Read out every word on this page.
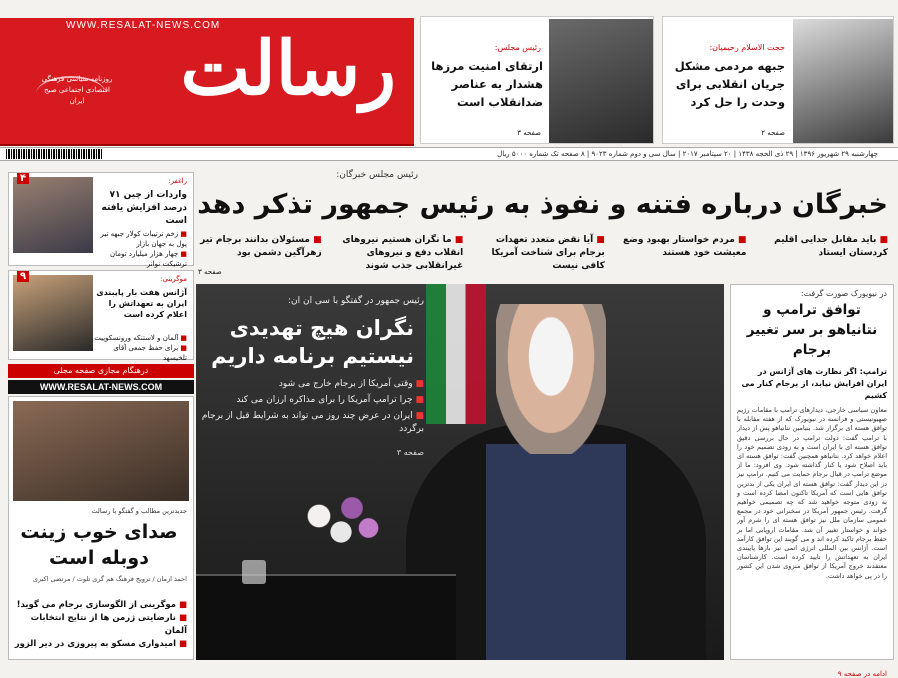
WWW.RESALAT-NEWS.COM
رسالت
روزنامه سیاسی فرهنگی اقتصادی اجتماعی صبح ایران
رئیس مجلس:
ارتقای امنیت مرزها هشدار به عناصر ضدانقلاب است
صفحه ۳
حجت الاسلام رحیمیان:
جبهه مردمی مشکل جریان انقلابی برای وحدت را حل کرد
صفحه ۲
چهارشنبه ۲۹ شهریور ۱۳۹۶ | ۲۹ ذی الحجه ۱۴۳۸ | ۲۰ سپتامبر ۲۰۱۷ | سال سی و دوم شماره ۹۰۲۳ | ۸ صفحه تک شماره ۵۰۰۰ ریال
رئیس مجلس خبرگان:
خبرگان درباره فتنه و نفوذ به رئیس جمهور تذکر دهد
■ باید مقابل جدایی اقلیم کردستان ایستاد
■ مردم خواستار بهبود وضع معیشت خود هستند
■ آیا نقض متعدد تعهدات برجام برای شناخت آمریکا کافی نیست
■ ما نگران هستیم نیروهای انقلاب دفع و نیروهای غیرانقلابی جذب شوند
■ مسئولان بدانند برجام تیر زهرآگین دشمن بود
صفحه ۳
رئیس جمهور در گفتگو با سی ان ان:
نگران هیچ تهدیدی نیستیم برنامه داریم
■ وقتی آمریکا از برجام خارج می شود
■ چرا ترامپ آمریکا را برای مذاکره ارزان می کند
■ ایران در عرض چند روز می تواند به شرایط قبل از برجام برگردد
صفحه ۳
در نیویورک صورت گرفت:
توافق ترامپ و نتانیاهو بر سر تغییر برجام
ترامپ: اگر نظارت های آژانس در ایران افزایش نیابد، از برجام کنار می کشیم
معاون سیاسی خارجی، دیدارهای ترامپ با مقامات رژیم صهیونیستی و فرانسه در نیویورک که از هفته مقابله با توافق هسته ای برگزار شد. بنیامین نتانیاهو پس از دیدار با ترامپ گفت: دولت ترامپ در حال بررسی دقیق توافق هسته ای با ایران است و به زودی تصمیم خود را اعلام خواهد کرد. نتانیاهو همچنین گفت: توافق هسته ای باید اصلاح شود یا کنار گذاشته شود. وی افزود: ما از موضع ترامپ در قبال برجام حمایت می کنیم. ترامپ نیز در این دیدار گفت: توافق هسته ای ایران یکی از بدترین توافق هایی است که آمریکا تاکنون امضا کرده است و به زودی متوجه خواهید شد که چه تصمیمی خواهیم گرفت. رئیس جمهور آمریکا در سخنرانی خود در مجمع عمومی سازمان ملل نیز توافق هسته ای را شرم آور خواند و خواستار تغییر آن شد. مقامات اروپایی اما بر حفظ برجام تاکید کرده اند و می گویند این توافق کارآمد است. آژانس بین المللی انرژی اتمی نیز بارها پایبندی ایران به تعهداتش را تایید کرده است. کارشناسان معتقدند خروج آمریکا از توافق منزوی شدن این کشور را در پی خواهد داشت.
ادامه در صفحه ۹
۴	راغفر:
واردات از چین ۷۱ درصد افزایش یافته است
■ زخم ترتیبات کولار جبهه تیر پول به جهان بازار
■ چهار هزار میلیارد تومان ترشیکت نوانر
۹	موگرینی:
آژانس هفت بار پایبندی ایران به تعهداتش را اعلام کرده است
■ آلمان و لاستنکه ورونسکوپیت
■ برای حفظ جمعی آقای تلخیسهد
درهنگام مجازی صفحه مجلی
WWW.RESALAT-NEWS.COM
جدیدترین مطالب و گفتگو با رسالت
صدای خوب زینت دوبله است
احمد ازمان / ترویج فرهنگ هم گری تلوت / مرتضی اکبری
■ موگرینی از الگوسازی برجام می گوید!
■ نارضایتی ژرمن ها از نتایج انتخابات آلمان
■ امیدواری مسکو به پیروزی در دیر الزور
